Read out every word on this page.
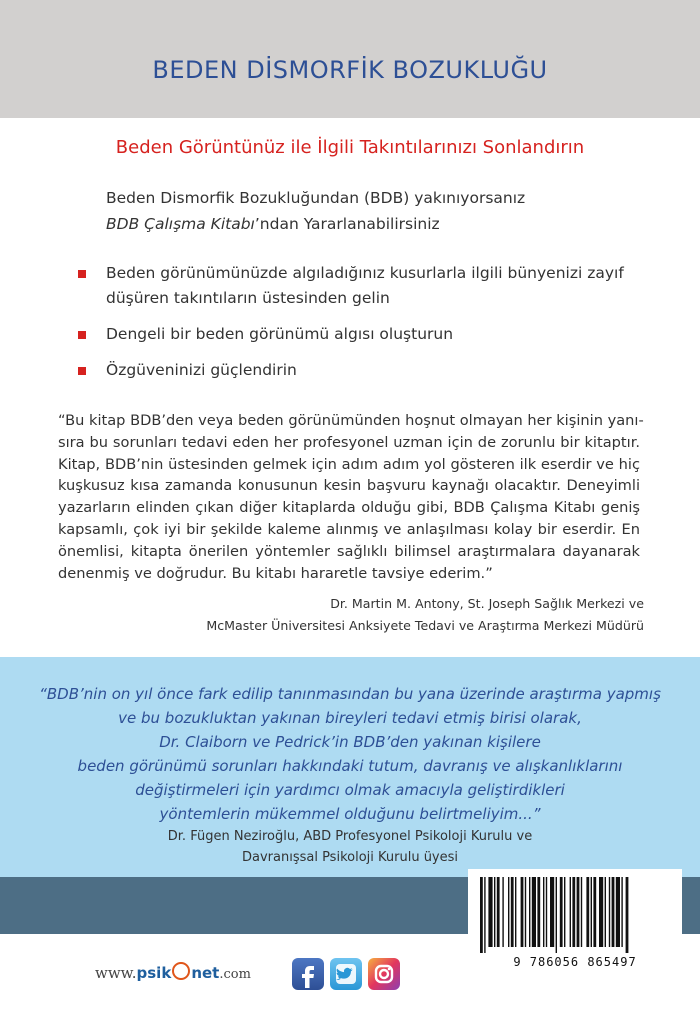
BEDEN DİSMORFİK BOZUKLUĞU
Beden Görüntünüz ile İlgili Takıntılarınızı Sonlandırın
Beden Dismorfik Bozukluğundan (BDB) yakınıyorsanız
BDB Çalışma Kitabı’ndan Yararlanabilirsiniz
Beden görünümünüzde algıladığınız kusurlarla ilgili bünyenizi zayıf düşüren takıntıların üstesinden gelin
Dengeli bir beden görünümü algısı oluşturun
Özgüveninizi güçlendirin
“Bu kitap BDB’den veya beden görünümünden hoşnut olmayan her kişinin yanı-
sıra bu sorunları tedavi eden her profesyonel uzman için de zorunlu bir kitaptır.
Kitap, BDB’nin üstesinden gelmek için adım adım yol gösteren ilk eserdir ve hiç
kuşkusuz kısa zamanda konusunun kesin başvuru kaynağı olacaktır. Deneyimli
yazarların elinden çıkan diğer kitaplarda olduğu gibi, BDB Çalışma Kitabı geniş
kapsamlı, çok iyi bir şekilde kaleme alınmış ve anlaşılması kolay bir eserdir. En
önemlisi, kitapta önerilen yöntemler sağlıklı bilimsel araştırmalara dayanarak
denenmiş ve doğrudur. Bu kitabı hararetle tavsiye ederim.”
Dr. Martin M. Antony, St. Joseph Sağlık Merkezi ve
McMaster Üniversitesi Anksiyete Tedavi ve Araştırma Merkezi Müdürü
“BDB’nin on yıl önce fark edilip tanınmasından bu yana üzerinde araştırma yapmış
ve bu bozukluktan yakınan bireyleri tedavi etmiş birisi olarak,
Dr. Claiborn ve Pedrick’in BDB’den yakınan kişilere
beden görünümü sorunları hakkındaki tutum, davranış ve alışkanlıklarını
değiştirmeleri için yardımcı olmak amacıyla geliştirdikleri
yöntemlerin mükemmel olduğunu belirtmeliyim...”
Dr. Fügen Neziroğlu, ABD Profesyonel Psikoloji Kurulu ve
Davranışsal Psikoloji Kurulu üyesi
9 786056 865497
www.psik net.com
